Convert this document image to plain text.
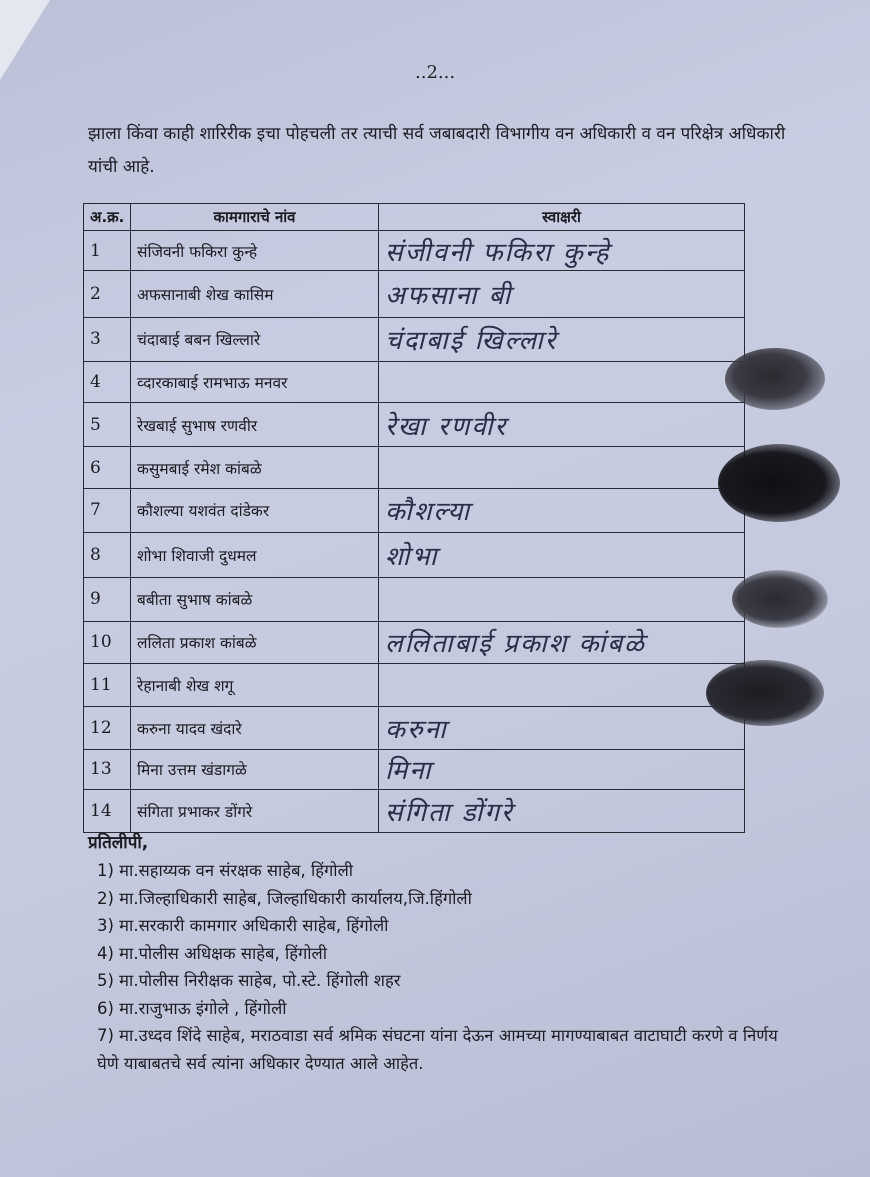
..2...
झाला किंवा काही शारिरीक इचा पोहचली तर त्याची सर्व जबाबदारी विभागीय वन अधिकारी व वन परिक्षेत्र अधिकारी यांची आहे.
अ.क्र.	कामगाराचे नांव	स्वाक्षरी
1	संजिवनी फकिरा कुन्हे	संजीवनी फकिरा कुन्हे
2	अफसानाबी शेख कासिम	अफसाना बी
3	चंदाबाई बबन खिल्लारे	चंदाबाई खिल्लारे
4	व्दारकाबाई रामभाऊ मनवर	
5	रेखबाई सुभाष रणवीर	रेखा रणवीर
6	कसुमबाई रमेश कांबळे	
7	कौशल्या यशवंत दांडेकर	कौशल्या
8	शोभा शिवाजी दुधमल	शोभा
9	बबीता सुभाष कांबळे	
10	ललिता प्रकाश कांबळे	ललिताबाई प्रकाश कांबळे
11	रेहानाबी शेख शगू	
12	करुना यादव खंदारे	करुना
13	मिना उत्तम खंडागळे	मिना
14	संगिता प्रभाकर डोंगरे	संगिता डोंगरे
प्रतिलीपी,
1) मा.सहाय्यक वन संरक्षक साहेब, हिंगोली
2) मा.जिल्हाधिकारी साहेब, जिल्हाधिकारी कार्यालय,जि.हिंगोली
3) मा.सरकारी कामगार अधिकारी साहेब, हिंगोली
4) मा.पोलीस अधिक्षक साहेब, हिंगोली
5) मा.पोलीस निरीक्षक साहेब, पो.स्टे. हिंगोली शहर
6) मा.राजुभाऊ इंगोले , हिंगोली
7) मा.उध्दव शिंदे साहेब, मराठवाडा सर्व श्रमिक संघटना यांना देऊन आमच्या मागण्याबाबत वाटाघाटी करणे व निर्णय घेणे याबाबतचे सर्व त्यांना अधिकार देण्यात आले आहेत.
